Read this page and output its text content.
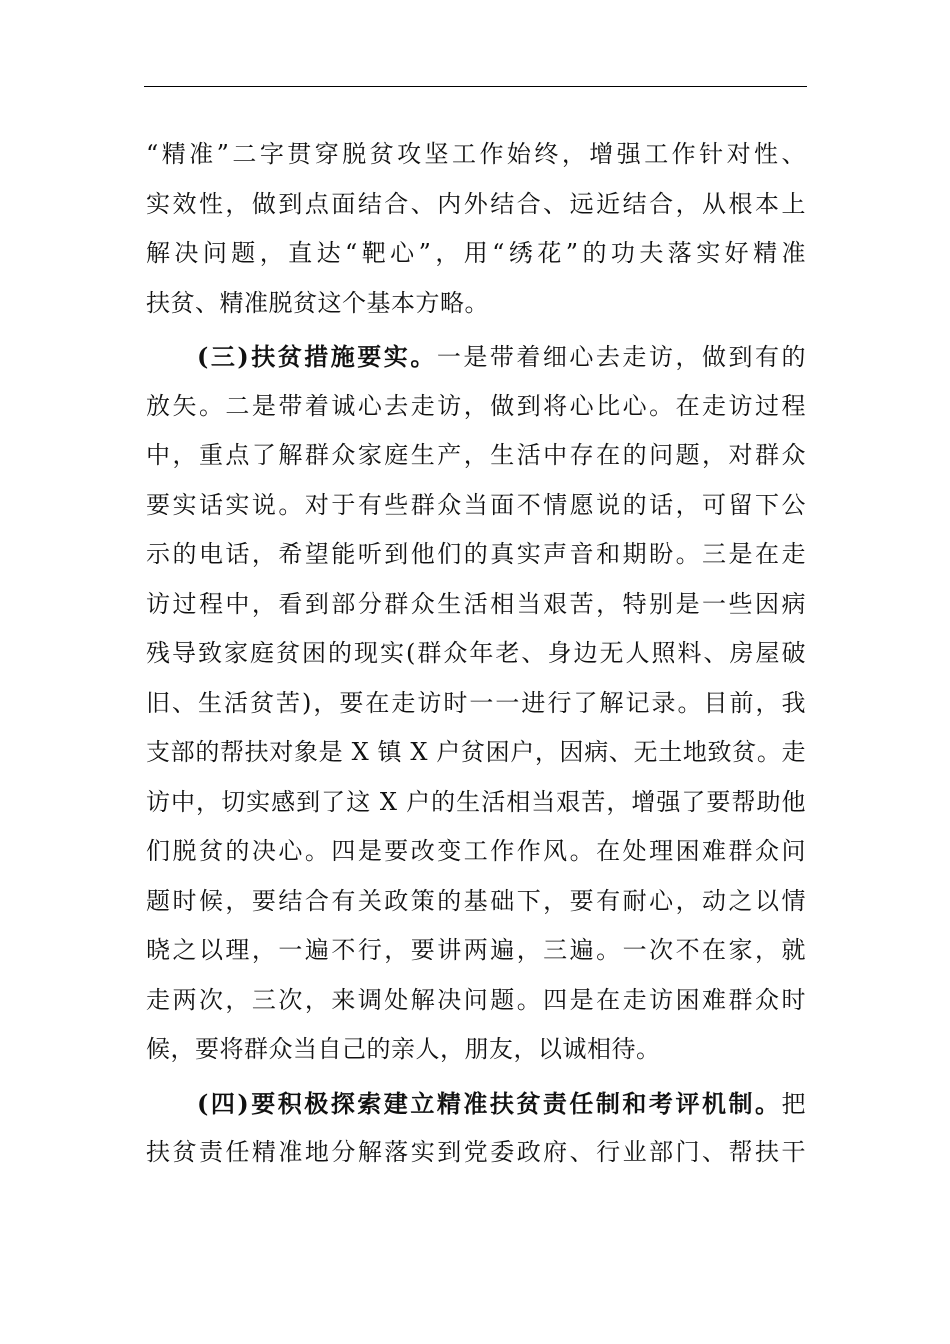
“精准”二字贯穿脱贫攻坚工作始终，增强工作针对性、
实效性，做到点面结合、内外结合、远近结合，从根本上
解决问题，直达“靶心”，用“绣花”的功夫落实好精准
扶贫、精准脱贫这个基本方略。
(三)扶贫措施要实。一是带着细心去走访，做到有的
放矢。二是带着诚心去走访，做到将心比心。在走访过程
中，重点了解群众家庭生产，生活中存在的问题，对群众
要实话实说。对于有些群众当面不情愿说的话，可留下公
示的电话，希望能听到他们的真实声音和期盼。三是在走
访过程中，看到部分群众生活相当艰苦，特别是一些因病
残导致家庭贫困的现实(群众年老、身边无人照料、房屋破
旧、生活贫苦)，要在走访时一一进行了解记录。目前，我
支部的帮扶对象是 X 镇 X 户贫困户，因病、无土地致贫。走
访中，切实感到了这 X 户的生活相当艰苦，增强了要帮助他
们脱贫的决心。四是要改变工作作风。在处理困难群众问
题时候，要结合有关政策的基础下，要有耐心，动之以情
晓之以理，一遍不行，要讲两遍，三遍。一次不在家，就
走两次，三次，来调处解决问题。四是在走访困难群众时
候，要将群众当自己的亲人，朋友，以诚相待。
(四)要积极探索建立精准扶贫责任制和考评机制。把
扶贫责任精准地分解落实到党委政府、行业部门、帮扶干
